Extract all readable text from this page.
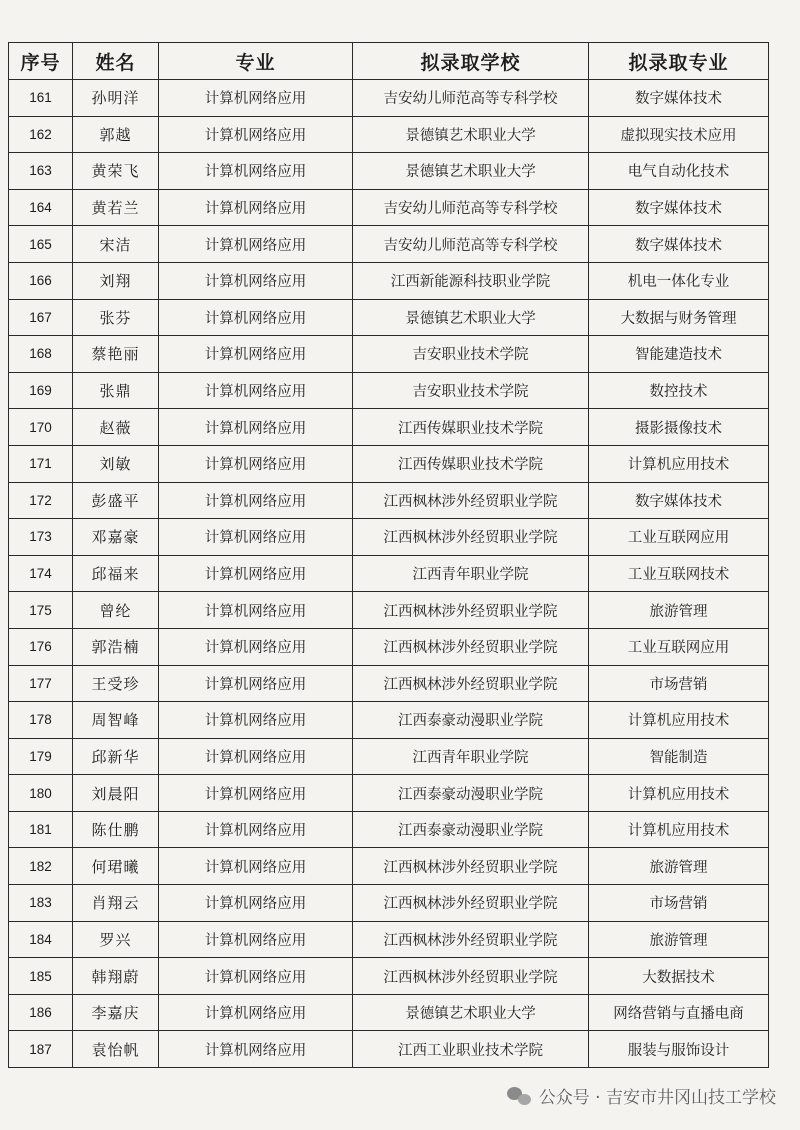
序号	姓名	专业	拟录取学校	拟录取专业
161	孙明洋	计算机网络应用	吉安幼儿师范高等专科学校	数字媒体技术
162	郭越	计算机网络应用	景德镇艺术职业大学	虚拟现实技术应用
163	黄荣飞	计算机网络应用	景德镇艺术职业大学	电气自动化技术
164	黄若兰	计算机网络应用	吉安幼儿师范高等专科学校	数字媒体技术
165	宋洁	计算机网络应用	吉安幼儿师范高等专科学校	数字媒体技术
166	刘翔	计算机网络应用	江西新能源科技职业学院	机电一体化专业
167	张芬	计算机网络应用	景德镇艺术职业大学	大数据与财务管理
168	蔡艳丽	计算机网络应用	吉安职业技术学院	智能建造技术
169	张鼎	计算机网络应用	吉安职业技术学院	数控技术
170	赵薇	计算机网络应用	江西传媒职业技术学院	摄影摄像技术
171	刘敏	计算机网络应用	江西传媒职业技术学院	计算机应用技术
172	彭盛平	计算机网络应用	江西枫林涉外经贸职业学院	数字媒体技术
173	邓嘉豪	计算机网络应用	江西枫林涉外经贸职业学院	工业互联网应用
174	邱福来	计算机网络应用	江西青年职业学院	工业互联网技术
175	曾纶	计算机网络应用	江西枫林涉外经贸职业学院	旅游管理
176	郭浩楠	计算机网络应用	江西枫林涉外经贸职业学院	工业互联网应用
177	王受珍	计算机网络应用	江西枫林涉外经贸职业学院	市场营销
178	周智峰	计算机网络应用	江西泰豪动漫职业学院	计算机应用技术
179	邱新华	计算机网络应用	江西青年职业学院	智能制造
180	刘晨阳	计算机网络应用	江西泰豪动漫职业学院	计算机应用技术
181	陈仕鹏	计算机网络应用	江西泰豪动漫职业学院	计算机应用技术
182	何珺曦	计算机网络应用	江西枫林涉外经贸职业学院	旅游管理
183	肖翔云	计算机网络应用	江西枫林涉外经贸职业学院	市场营销
184	罗兴	计算机网络应用	江西枫林涉外经贸职业学院	旅游管理
185	韩翔蔚	计算机网络应用	江西枫林涉外经贸职业学院	大数据技术
186	李嘉庆	计算机网络应用	景德镇艺术职业大学	网络营销与直播电商
187	袁怡帆	计算机网络应用	江西工业职业技术学院	服装与服饰设计
公众号 · 吉安市井冈山技工学校
